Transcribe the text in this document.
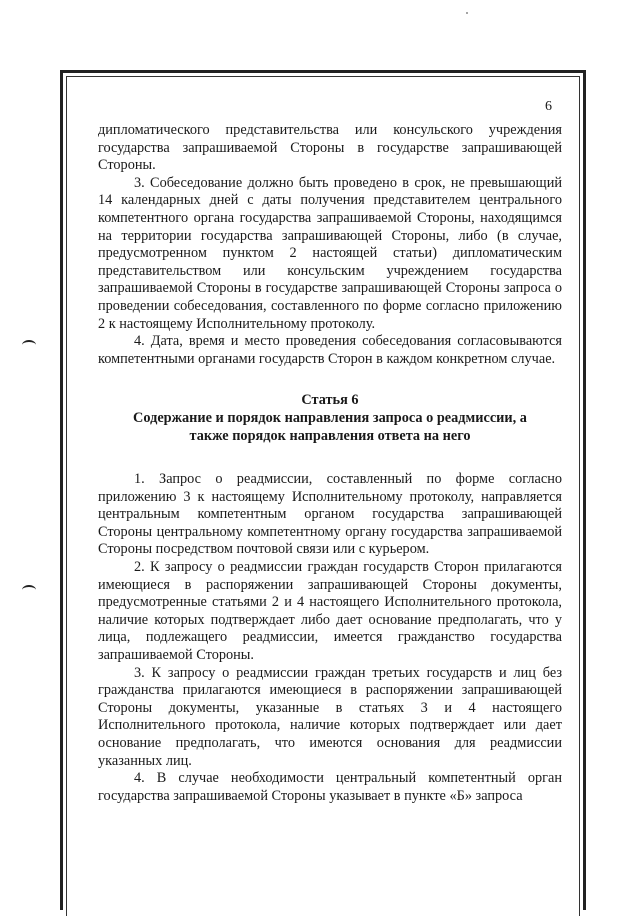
6

дипломатического представительства или консульского учреждения государства запрашиваемой Стороны в государстве запрашивающей Стороны.

3. Собеседование должно быть проведено в срок, не превышающий 14 календарных дней с даты получения представителем центрального компетентного органа государства запрашиваемой Стороны, находящимся на территории государства запрашивающей Стороны, либо (в случае, предусмотренном пунктом 2 настоящей статьи) дипломатическим представительством или консульским учреждением государства запрашиваемой Стороны в государстве запрашивающей Стороны запроса о проведении собеседования, составленного по форме согласно приложению 2 к настоящему Исполнительному протоколу.

4. Дата, время и место проведения собеседования согласовываются компетентными органами государств Сторон в каждом конкретном случае.

Статья 6
Содержание и порядок направления запроса о реадмиссии, а также порядок направления ответа на него

1. Запрос о реадмиссии, составленный по форме согласно приложению 3 к настоящему Исполнительному протоколу, направляется центральным компетентным органом государства запрашивающей Стороны центральному компетентному органу государства запрашиваемой Стороны посредством почтовой связи или с курьером.

2. К запросу о реадмиссии граждан государств Сторон прилагаются имеющиеся в распоряжении запрашивающей Стороны документы, предусмотренные статьями 2 и 4 настоящего Исполнительного протокола, наличие которых подтверждает либо дает основание предполагать, что у лица, подлежащего реадмиссии, имеется гражданство государства запрашиваемой Стороны.

3. К запросу о реадмиссии граждан третьих государств и лиц без гражданства прилагаются имеющиеся в распоряжении запрашивающей Стороны документы, указанные в статьях 3 и 4 настоящего Исполнительного протокола, наличие которых подтверждает или дает основание предполагать, что имеются основания для реадмиссии указанных лиц.

4. В случае необходимости центральный компетентный орган государства запрашиваемой Стороны указывает в пункте «Б» запроса
